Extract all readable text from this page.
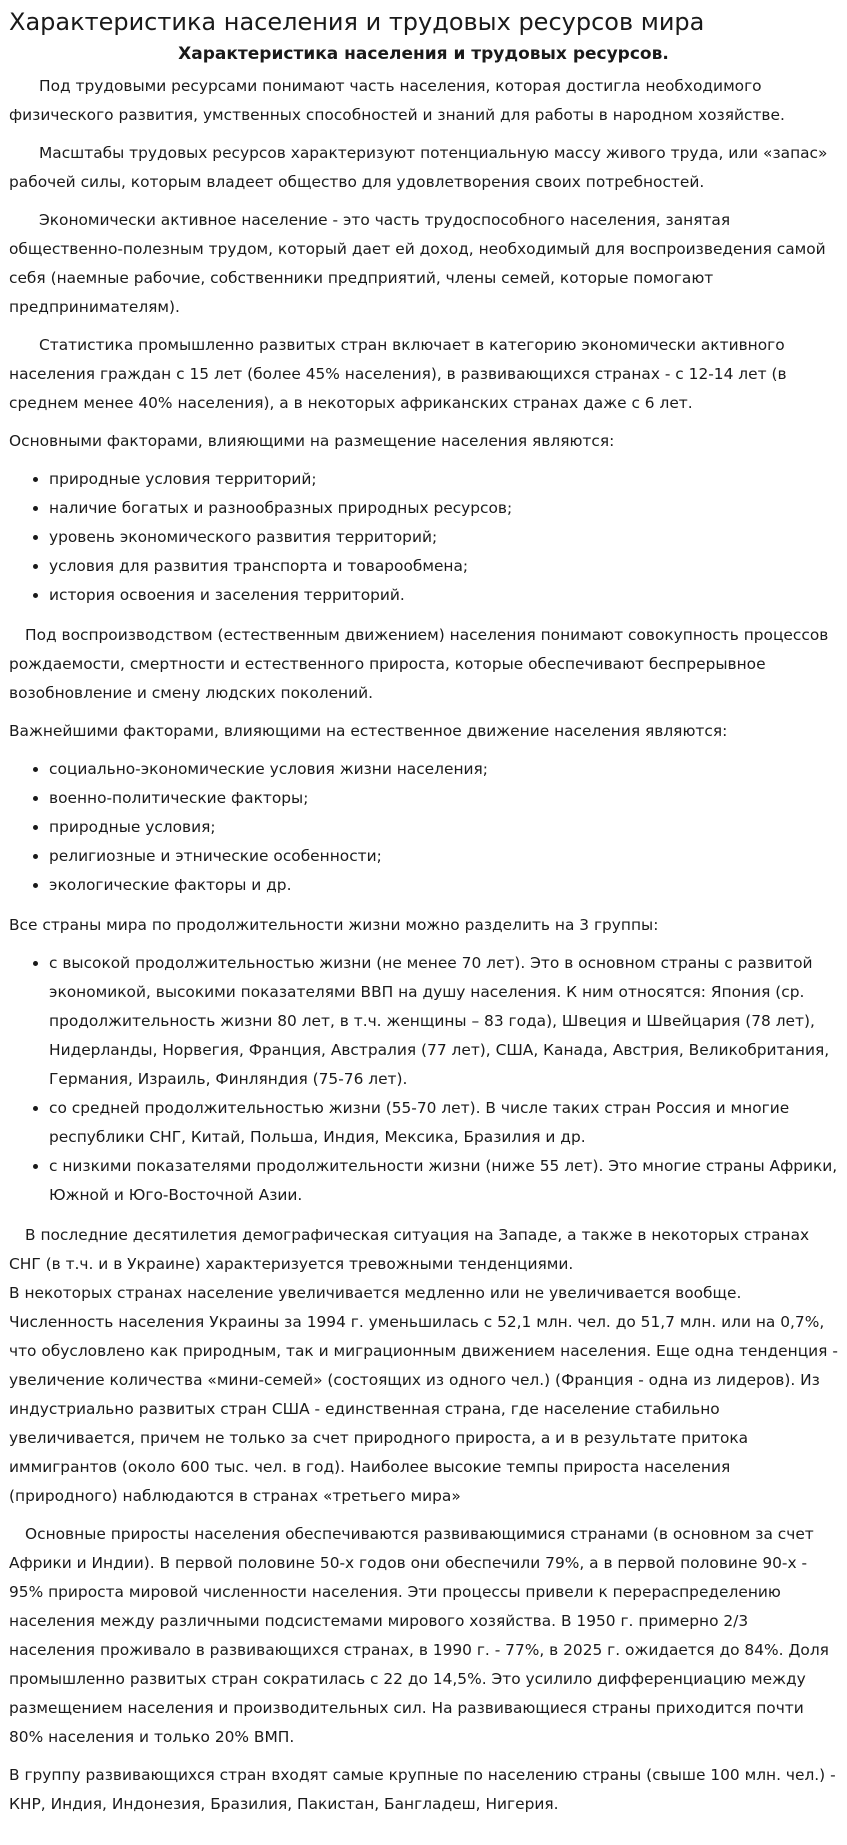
Характеристика населения и трудовых ресурсов мира
Характеристика населения и трудовых ресурсов.

Под трудовыми ресурсами понимают часть населения, которая достигла необходимого физического развития, умственных способностей и знаний для работы в народном хозяйстве.

Масштабы трудовых ресурсов характеризуют потенциальную массу живого труда, или «запас» рабочей силы, которым владеет общество для удовлетворения своих потребностей.

Экономически активное население - это часть трудоспособного населения, занятая общественно-полезным трудом, который дает ей доход, необходимый для воспроизведения самой себя (наемные рабочие, собственники предприятий, члены семей, которые помогают предпринимателям).

Статистика промышленно развитых стран включает в категорию экономически активного населения граждан с 15 лет (более 45% населения), в развивающихся странах - с 12-14 лет (в среднем менее 40% населения), а в некоторых африканских странах даже с 6 лет.

Основными факторами, влияющими на размещение населения являются:

• природные условия территорий;
• наличие богатых и разнообразных природных ресурсов;
• уровень экономического развития территорий;
• условия для развития транспорта и товарообмена;
• история освоения и заселения территорий.

Под воспроизводством (естественным движением) населения понимают совокупность процессов рождаемости, смертности и естественного прироста, которые обеспечивают беспрерывное возобновление и смену людских поколений.

Важнейшими факторами, влияющими на естественное движение населения являются:

• социально-экономические условия жизни населения;
• военно-политические факторы;
• природные условия;
• религиозные и этнические особенности;
• экологические факторы и др.

Все страны мира по продолжительности жизни можно разделить на 3 группы:

• с высокой продолжительностью жизни (не менее 70 лет). Это в основном страны с развитой экономикой, высокими показателями ВВП на душу населения. К ним относятся: Япония (ср. продолжительность жизни 80 лет, в т.ч. женщины – 83 года), Швеция и Швейцария (78 лет), Нидерланды, Норвегия, Франция, Австралия (77 лет), США, Канада, Австрия, Великобритания, Германия, Израиль, Финляндия (75-76 лет).
• со средней продолжительностью жизни (55-70 лет). В числе таких стран Россия и многие республики СНГ, Китай, Польша, Индия, Мексика, Бразилия и др.
• с низкими показателями продолжительности жизни (ниже 55 лет). Это многие страны Африки, Южной и Юго-Восточной Азии.

В последние десятилетия демографическая ситуация на Западе, а также в некоторых странах СНГ (в т.ч. и в Украине) характеризуется тревожными тенденциями.

В некоторых странах население увеличивается медленно или не увеличивается вообще. Численность населения Украины за 1994 г. уменьшилась с 52,1 млн. чел. до 51,7 млн. или на 0,7%, что обусловлено как природным, так и миграционным движением населения. Еще одна тенденция - увеличение количества «мини-семей» (состоящих из одного чел.) (Франция - одна из лидеров). Из индустриально развитых стран США - единственная страна, где население стабильно увеличивается, причем не только за счет природного прироста, а и в результате притока иммигрантов (около 600 тыс. чел. в год). Наиболее высокие темпы прироста населения (природного) наблюдаются в странах «третьего мира»

Основные приросты населения обеспечиваются развивающимися странами (в основном за счет Африки и Индии). В первой половине 50-х годов они обеспечили 79%, а в первой половине 90-х - 95% прироста мировой численности населения. Эти процессы привели к перераспределению населения между различными подсистемами мирового хозяйства. В 1950 г. примерно 2/3 населения проживало в развивающихся странах, в 1990 г. - 77%, в 2025 г. ожидается до 84%. Доля промышленно развитых стран сократилась с 22 до 14,5%. Это усилило дифференциацию между размещением населения и производительных сил. На развивающиеся страны приходится почти 80% населения и только 20% ВМП.

В группу развивающихся стран входят самые крупные по населению страны (свыше 100 млн. чел.) - КНР, Индия, Индонезия, Бразилия, Пакистан, Бангладеш, Нигерия.
